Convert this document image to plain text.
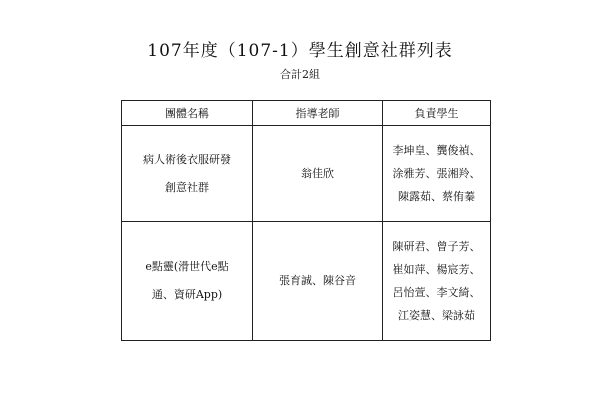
107年度（107-1）學生創意社群列表
合計2組
團體名稱	指導老師	負責學生

病人術後衣服研發
創意社群	翁佳欣	李坤皇、龔俊禎、
涂雅芳、張湘羚、
陳露茹、蔡侑蓁

e點靈(滑世代e點
通、資研App)	張育誠、陳谷音	陳研君、曾子芳、
崔如萍、楊宸芳、
呂怡萱、李文綺、
江姿慧、梁詠茹
